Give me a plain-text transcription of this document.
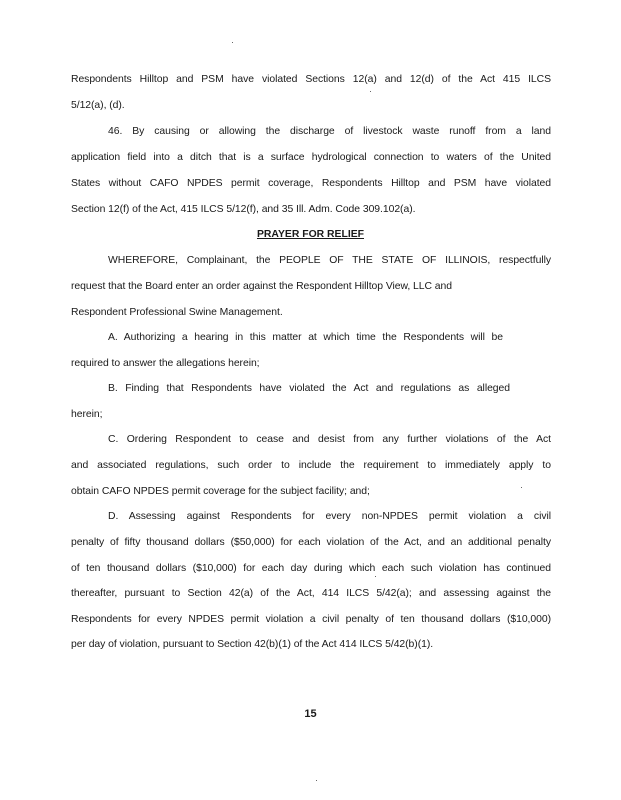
Respondents Hilltop and PSM have violated Sections 12(a) and 12(d) of the Act 415 ILCS
5/12(a), (d).
46. By causing or allowing the discharge of livestock waste runoff from a land
application field into a ditch that is a surface hydrological connection to waters of the United
States without CAFO NPDES permit coverage, Respondents Hilltop and PSM have violated
Section 12(f) of the Act, 415 ILCS 5/12(f), and 35 Ill. Adm. Code 309.102(a).
PRAYER FOR RELIEF
WHEREFORE, Complainant, the PEOPLE OF THE STATE OF ILLINOIS, respectfully
request that the Board enter an order against the Respondent Hilltop View, LLC and
Respondent Professional Swine Management.
A. Authorizing a hearing in this matter at which time the Respondents will be
required to answer the allegations herein;
B. Finding that Respondents have violated the Act and regulations as alleged
herein;
C. Ordering Respondent to cease and desist from any further violations of the Act
and associated regulations, such order to include the requirement to immediately apply to
obtain CAFO NPDES permit coverage for the subject facility; and;
D. Assessing against Respondents for every non-NPDES permit violation a civil
penalty of fifty thousand dollars ($50,000) for each violation of the Act, and an additional penalty
of ten thousand dollars ($10,000) for each day during which each such violation has continued
thereafter, pursuant to Section 42(a) of the Act, 414 ILCS 5/42(a); and assessing against the
Respondents for every NPDES permit violation a civil penalty of ten thousand dollars ($10,000)
per day of violation, pursuant to Section 42(b)(1) of the Act 414 ILCS 5/42(b)(1).
15
